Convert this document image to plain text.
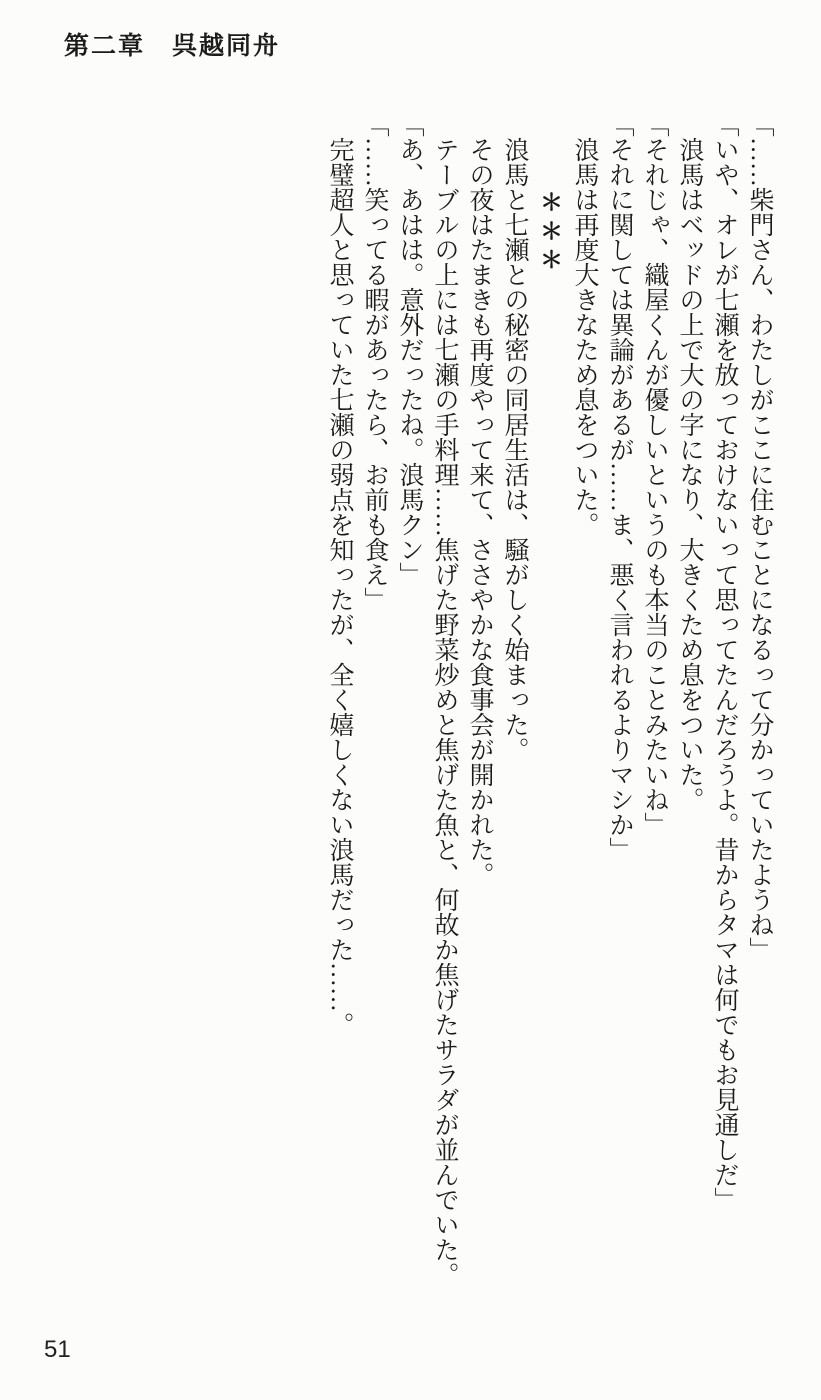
第二章　呉越同舟

「……柴門さん、わたしがここに住むことになるって分かっていたようね」

「いや、オレが七瀬を放っておけないって思ってたんだろうよ。昔からタマは何でもお見通しだ」

　浪馬はベッドの上で大の字になり、大きくため息をついた。

「それじゃ、織屋くんが優しいというのも本当のことみたいね」

「それに関しては異論があるが……ま、悪く言われるよりマシか」

　浪馬は再度大きなため息をついた。

＊＊＊

　浪馬と七瀬との秘密の同居生活は、騒がしく始まった。

　その夜はたまきも再度やって来て、ささやかな食事会が開かれた。

　テーブルの上には七瀬の手料理……焦げた野菜炒めと焦げた魚と、何故か焦げたサラダが並んでいた。

「あ、あはは。意外だったね。浪馬クン」

「……笑ってる暇があったら、お前も食え」

　完璧超人と思っていた七瀬の弱点を知ったが、全く嬉しくない浪馬だった……。

51
